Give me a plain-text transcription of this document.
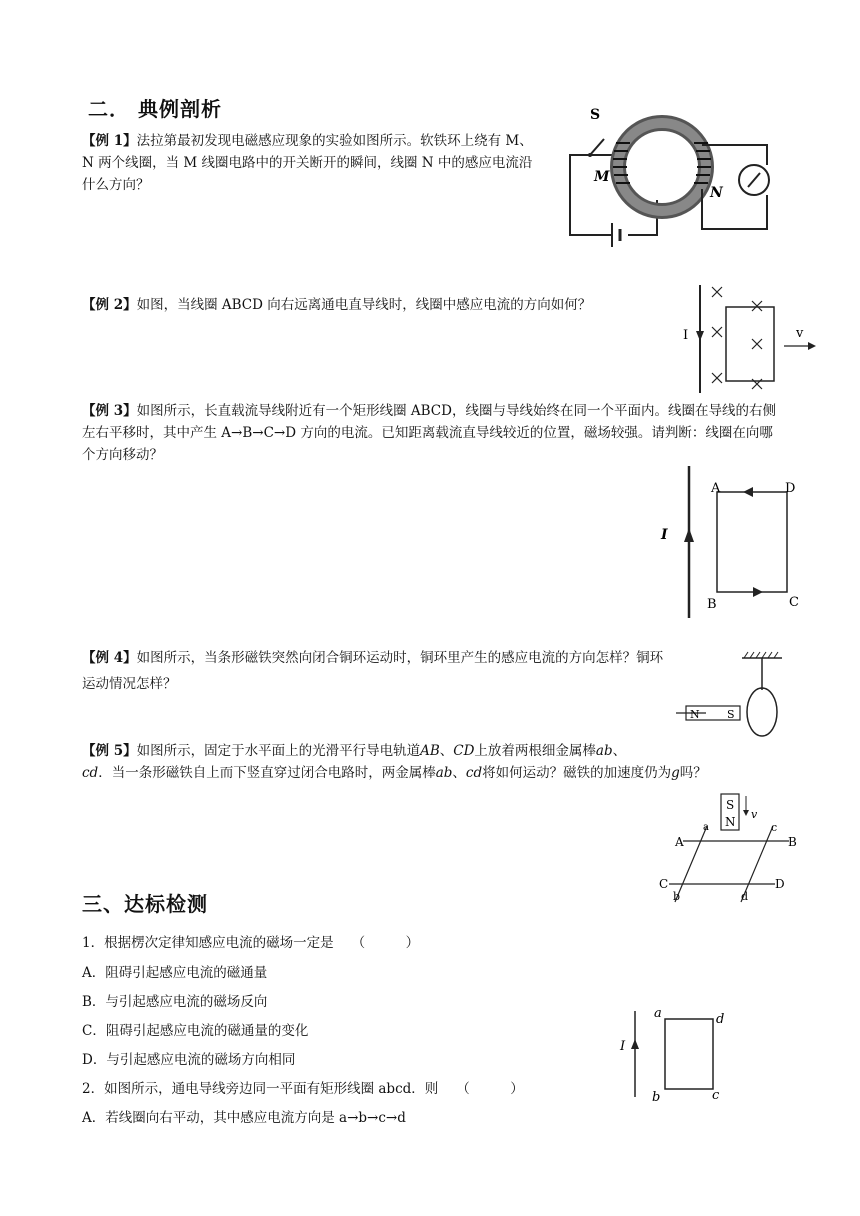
二． 典例剖析
【例 1】法拉第最初发现电磁感应现象的实验如图所示。软铁环上绕有 M、N 两个线圈，当 M 线圈电路中的开关断开的瞬间，线圈 N 中的感应电流沿什么方向？
S
M
N
【例 2】如图，当线圈 ABCD 向右远离通电直导线时，线圈中感应电流的方向如何？
I	v
【例 3】如图所示，长直载流导线附近有一个矩形线圈 ABCD，线圈与导线始终在同一个平面内。线圈在导线的右侧左右平移时，其中产生 A→B→C→D 方向的电流。已知距离载流直导线较近的位置，磁场较强。请判断：线圈在向哪个方向移动？
I
A	D
B	C
【例 4】如图所示，当条形磁铁突然向闭合铜环运动时，铜环里产生的感应电流的方向怎样？铜环运动情况怎样？
N S
【例 5】如图所示，固定于水平面上的光滑平行导电轨道AB、CD上放着两根细金属棒ab、
cd．当一条形磁铁自上而下竖直穿过闭合电路时，两金属棒ab、cd将如何运动？磁铁的加速度仍为g吗？
S
N
v
a	c
A	B
C	D
b	d
三、达标检测
1．根据楞次定律知感应电流的磁场一定是 （　　　）
A．阻碍引起感应电流的磁通量
B．与引起感应电流的磁场反向
C．阻碍引起感应电流的磁通量的变化
D．与引起感应电流的磁场方向相同
2．如图所示，通电导线旁边同一平面有矩形线圈 abcd．则 （　　　）
A．若线圈向右平动，其中感应电流方向是 a→b→c→d
I
a	d
b	c
